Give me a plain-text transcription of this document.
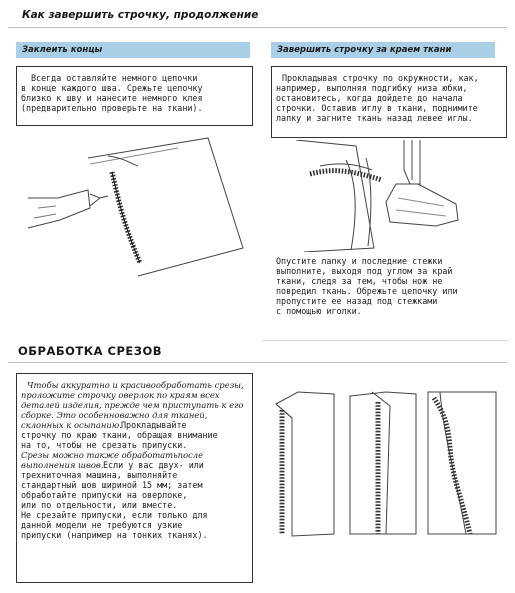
Как завершить строчку, продолжение
Заклеить концы	Завершить строчку за краем ткани
Всегда оставляйте немного цепочки
в конце каждого шва. Срежьте цепочку
близко к шву и нанесите немного клея
(предварительно проверьте на ткани).
Прокладывая строчку по окружности, как,
например, выполняя подгибку низа юбки,
остановитесь, когда дойдете до начала
строчки. Оставив иглу в ткани, поднимите
лапку и загните ткань назад левее иглы.
Опустите лапку и последние стежки
выполните, выходя под углом за край
ткани, следя за тем, чтобы нож не
повредил ткань. Обрежьте цепочку или
пропустите ее назад под стежками
с помощью иголки.
ОБРАБОТКА СРЕЗОВ
Чтобы аккуратно и красивообработать срезы,
проложите строчку оверлок по краям всех
деталей изделия, прежде чем приступать к его
сборке. Это особенноважно для тканей,
склонных к осыпанию. Прокладывайте
строчку по краю ткани, обращая внимание
на то, чтобы не срезать припуски.
Срезы можно также обработатьпосле
выполнения швов. Если у вас двух- или
трехниточная машина, выполняйте
стандартный шов шириной 15 мм; затем
обработайте припуски на оверлоке,
или по отдельности, или вместе.
Не срезайте припуски, если только для
данной модели не требуются узкие
припуски (например на тонких тканях).
